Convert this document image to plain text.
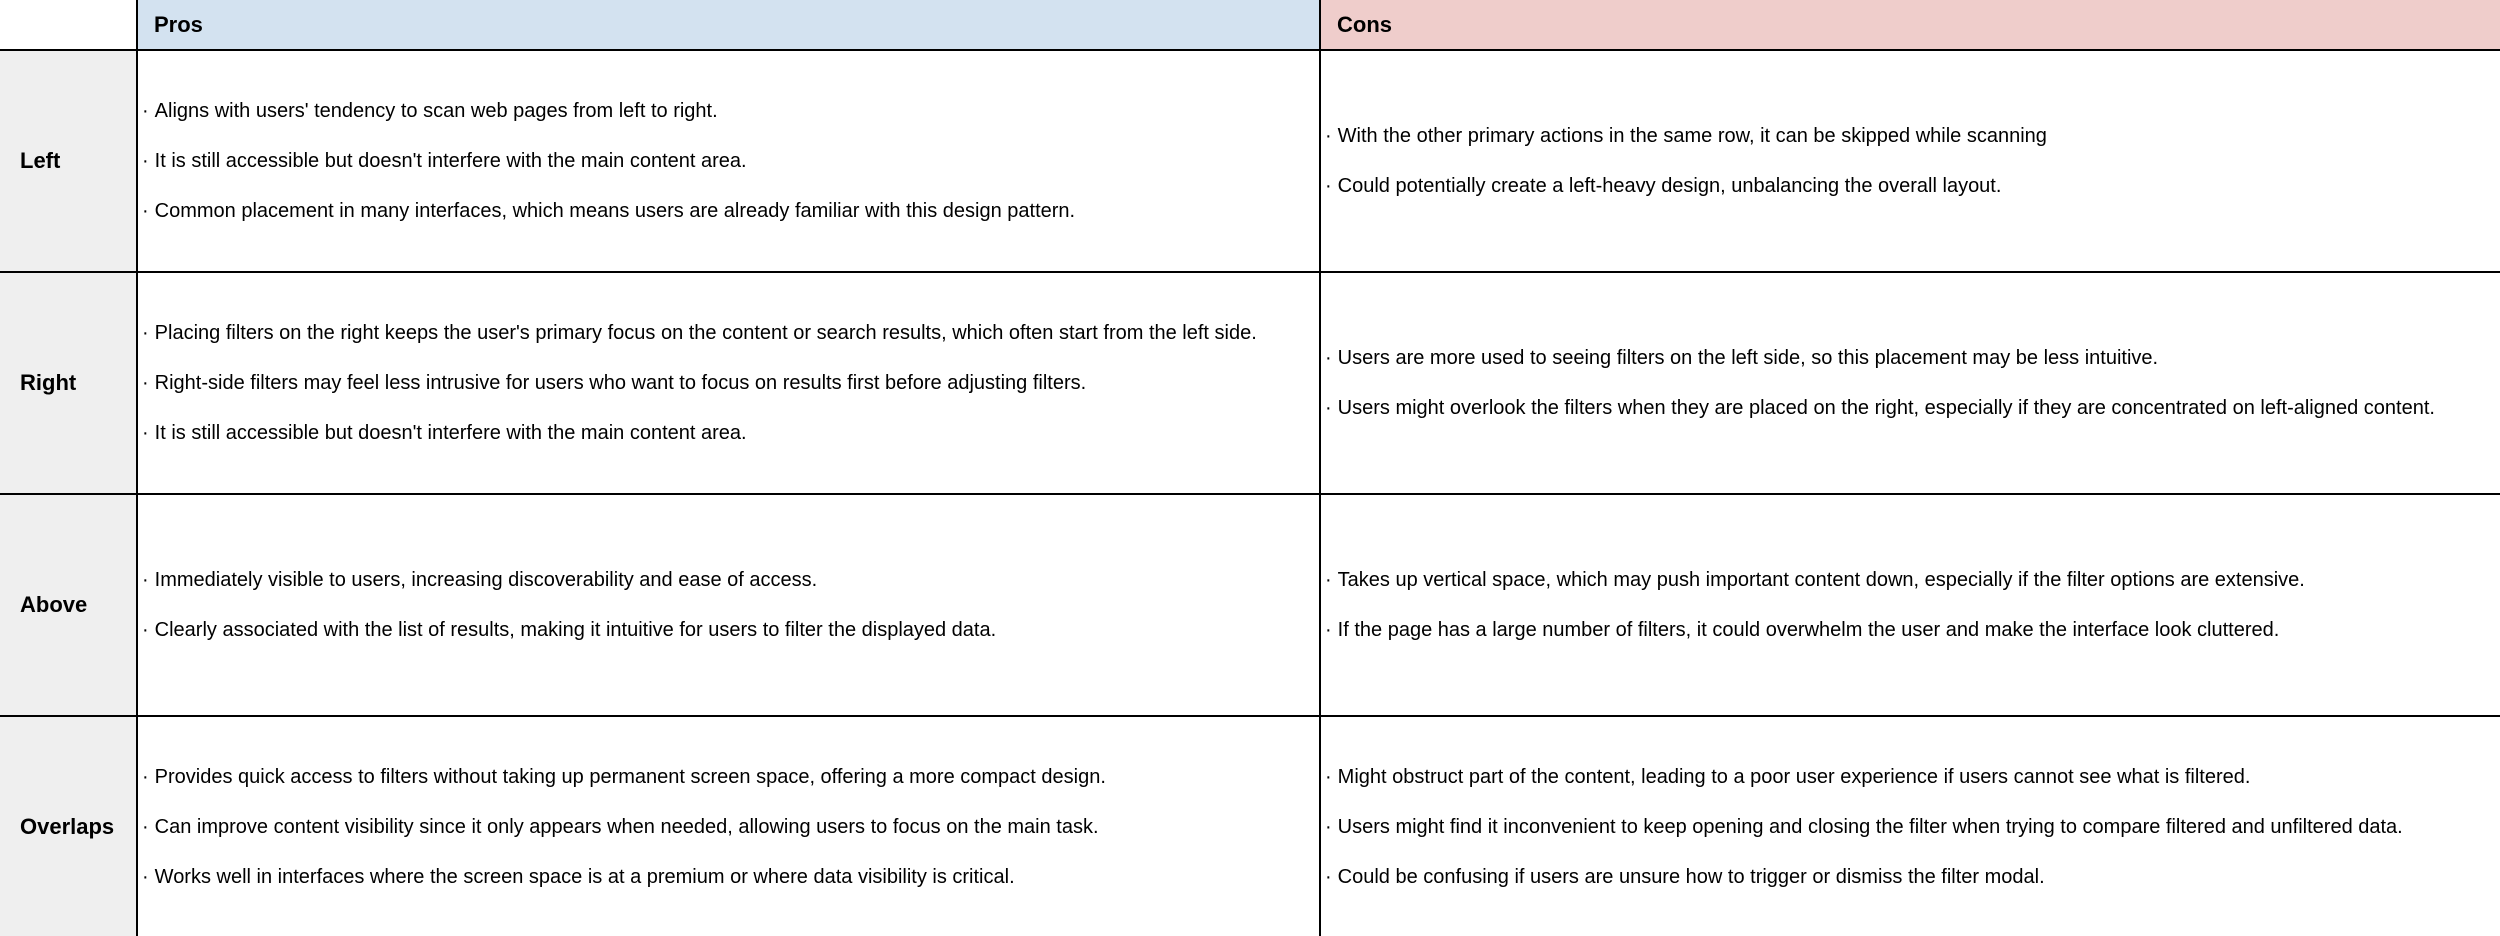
Pros	Cons
Left
· Aligns with users' tendency to scan web pages from left to right.
· It is still accessible but doesn't interfere with the main content area.
· Common placement in many interfaces, which means users are already familiar with this design pattern.
· With the other primary actions in the same row, it can be skipped while scanning
· Could potentially create a left-heavy design, unbalancing the overall layout.
Right
· Placing filters on the right keeps the user's primary focus on the content or search results, which often start from the left side.
· Right-side filters may feel less intrusive for users who want to focus on results first before adjusting filters.
· It is still accessible but doesn't interfere with the main content area.
· Users are more used to seeing filters on the left side, so this placement may be less intuitive.
· Users might overlook the filters when they are placed on the right, especially if they are concentrated on left-aligned content.
Above
· Immediately visible to users, increasing discoverability and ease of access.
· Clearly associated with the list of results, making it intuitive for users to filter the displayed data.
· Takes up vertical space, which may push important content down, especially if the filter options are extensive.
· If the page has a large number of filters, it could overwhelm the user and make the interface look cluttered.
Overlaps
· Provides quick access to filters without taking up permanent screen space, offering a more compact design.
· Can improve content visibility since it only appears when needed, allowing users to focus on the main task.
· Works well in interfaces where the screen space is at a premium or where data visibility is critical.
· Might obstruct part of the content, leading to a poor user experience if users cannot see what is filtered.
· Users might find it inconvenient to keep opening and closing the filter when trying to compare filtered and unfiltered data.
· Could be confusing if users are unsure how to trigger or dismiss the filter modal.
